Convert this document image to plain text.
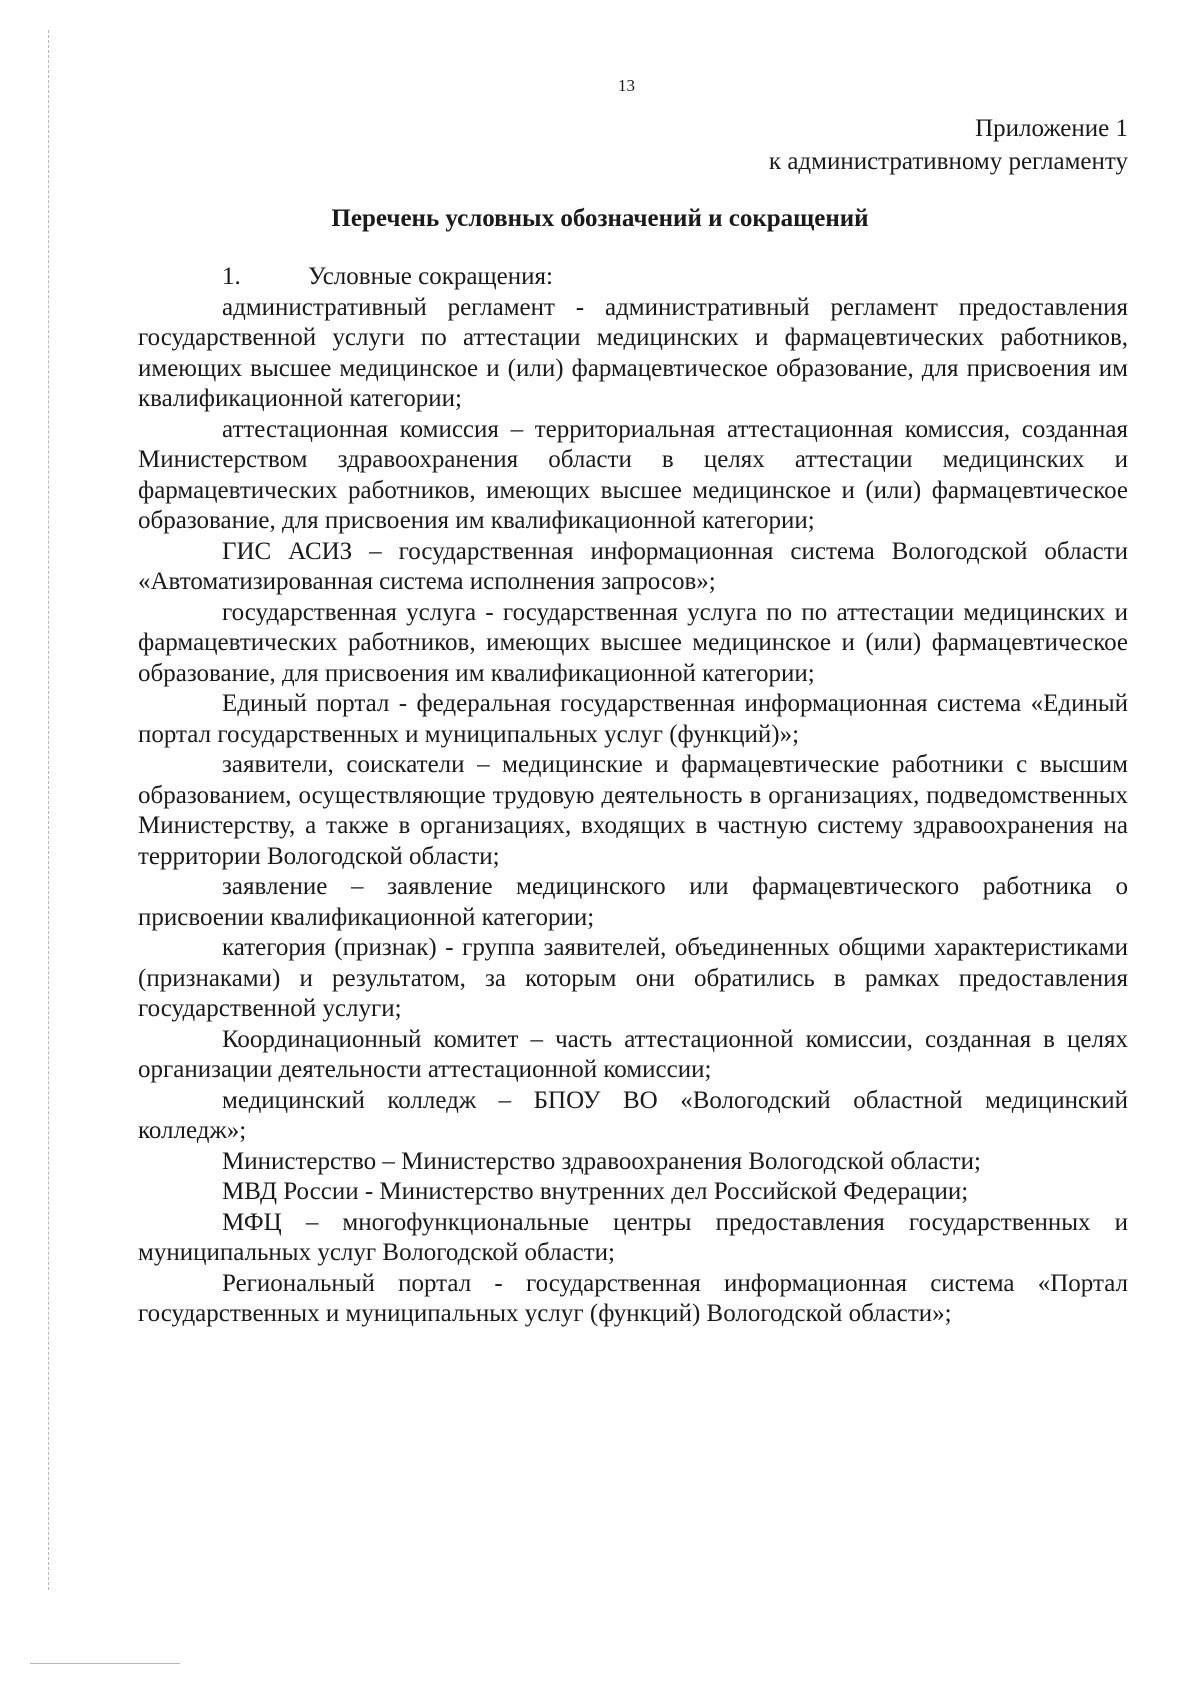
13
Приложение 1
к административному регламенту
Перечень условных обозначений и сокращений
1.	Условные сокращения:

административный регламент - административный регламент предоставления государственной услуги по аттестации медицинских и фармацевтических работников, имеющих высшее медицинское и (или) фармацевтическое образование, для присвоения им квалификационной категории;

аттестационная комиссия – территориальная аттестационная комиссия, созданная Министерством здравоохранения области в целях аттестации медицинских и фармацевтических работников, имеющих высшее медицинское и (или) фармацевтическое образование, для присвоения им квалификационной категории;

ГИС АСИЗ – государственная информационная система Вологодской области «Автоматизированная система исполнения запросов»;

государственная услуга - государственная услуга по по аттестации медицинских и фармацевтических работников, имеющих высшее медицинское и (или) фармацевтическое образование, для присвоения им квалификационной категории;

Единый портал - федеральная государственная информационная система «Единый портал государственных и муниципальных услуг (функций)»;

заявители, соискатели – медицинские и фармацевтические работники с высшим образованием, осуществляющие трудовую деятельность в организациях, подведомственных Министерству, а также в организациях, входящих в частную систему здравоохранения на территории Вологодской области;

заявление – заявление медицинского или фармацевтического работника о присвоении квалификационной категории;

категория (признак) - группа заявителей, объединенных общими характеристиками (признаками) и результатом, за которым они обратились в рамках предоставления государственной услуги;

Координационный комитет – часть аттестационной комиссии, созданная в целях организации деятельности аттестационной комиссии;

медицинский колледж – БПОУ ВО «Вологодский областной медицинский колледж»;

Министерство – Министерство здравоохранения Вологодской области;

МВД России - Министерство внутренних дел Российской Федерации;

МФЦ – многофункциональные центры предоставления государственных и муниципальных услуг Вологодской области;

Региональный портал - государственная информационная система «Портал государственных и муниципальных услуг (функций) Вологодской области»;
